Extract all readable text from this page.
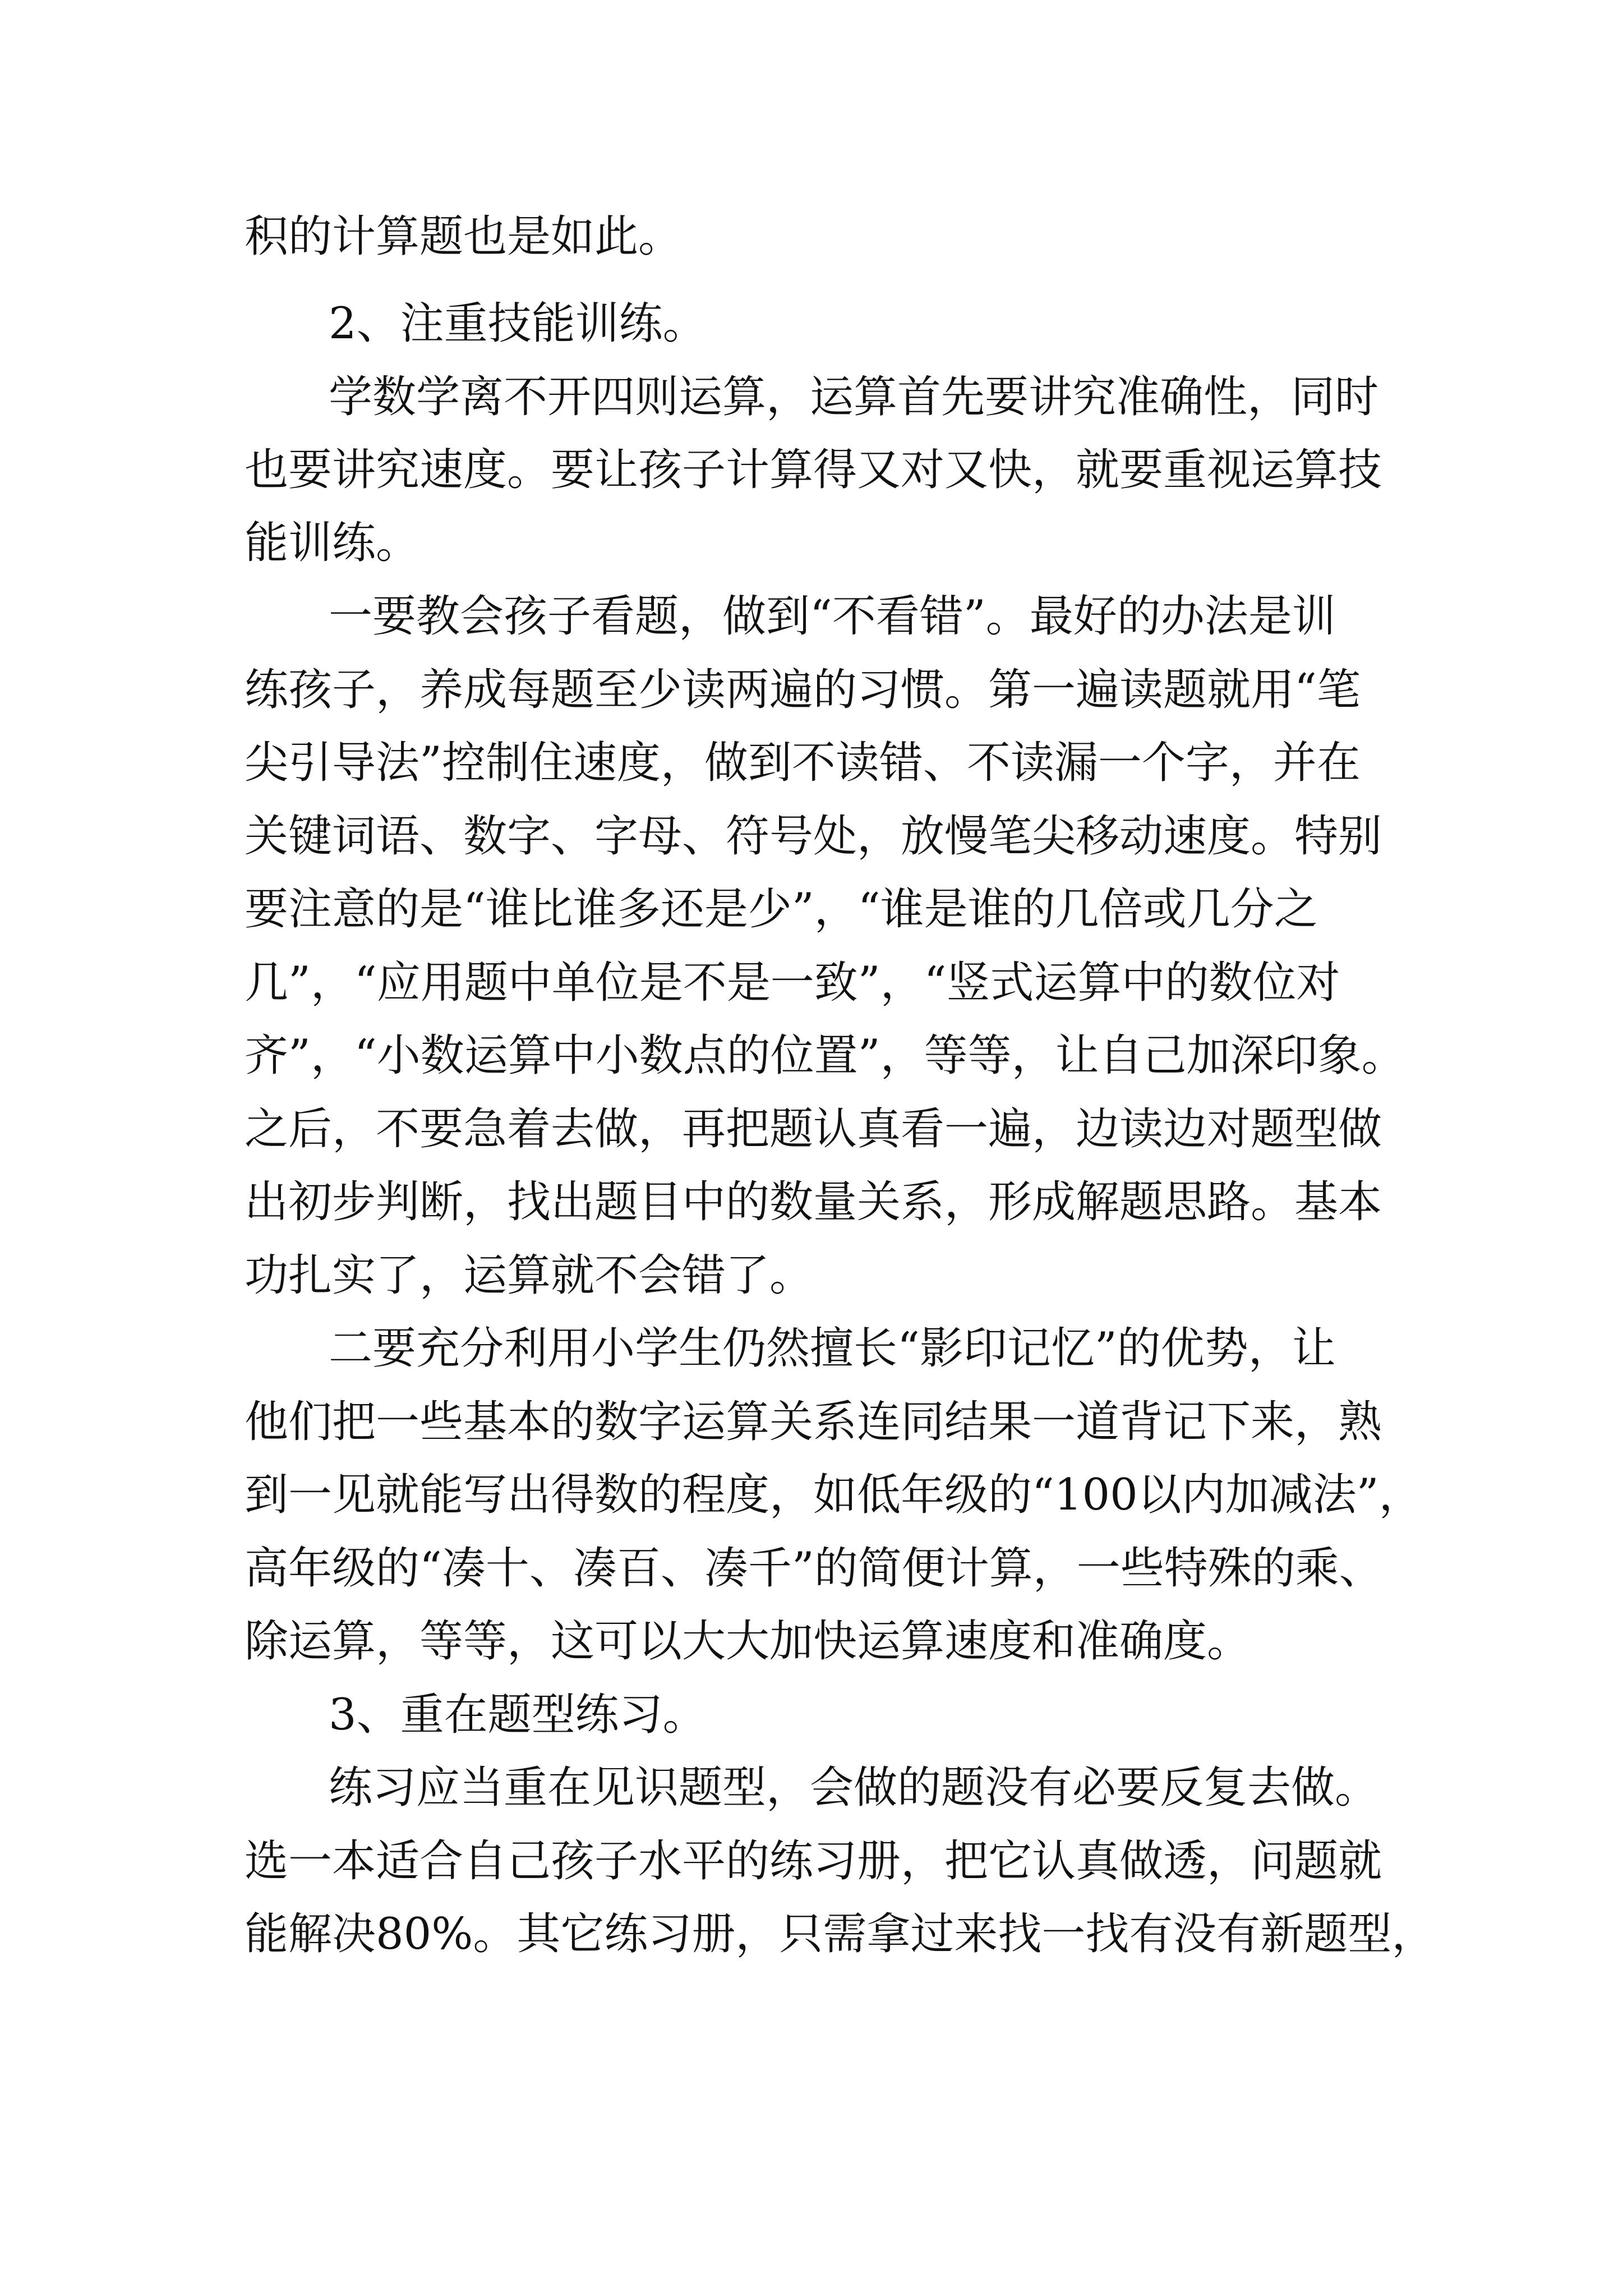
积的计算题也是如此。
2、注重技能训练。
学数学离不开四则运算，运算首先要讲究准确性，同时
也要讲究速度。要让孩子计算得又对又快，就要重视运算技
能训练。
一要教会孩子看题，做到“不看错”。最好的办法是训
练孩子，养成每题至少读两遍的习惯。第一遍读题就用“笔
尖引导法”控制住速度，做到不读错、不读漏一个字，并在
关键词语、数字、字母、符号处，放慢笔尖移动速度。特别
要注意的是“谁比谁多还是少”，“谁是谁的几倍或几分之
几”，“应用题中单位是不是一致”，“竖式运算中的数位对
齐”，“小数运算中小数点的位置”，等等，让自己加深印象。
之后，不要急着去做，再把题认真看一遍，边读边对题型做
出初步判断，找出题目中的数量关系，形成解题思路。基本
功扎实了，运算就不会错了。
二要充分利用小学生仍然擅长“影印记忆”的优势，让
他们把一些基本的数字运算关系连同结果一道背记下来，熟
到一见就能写出得数的程度，如低年级的“100以内加减法”，
高年级的“凑十、凑百、凑千”的简便计算，一些特殊的乘、
除运算，等等，这可以大大加快运算速度和准确度。
3、重在题型练习。
练习应当重在见识题型，会做的题没有必要反复去做。
选一本适合自己孩子水平的练习册，把它认真做透，问题就
能解决80%。其它练习册，只需拿过来找一找有没有新题型，
